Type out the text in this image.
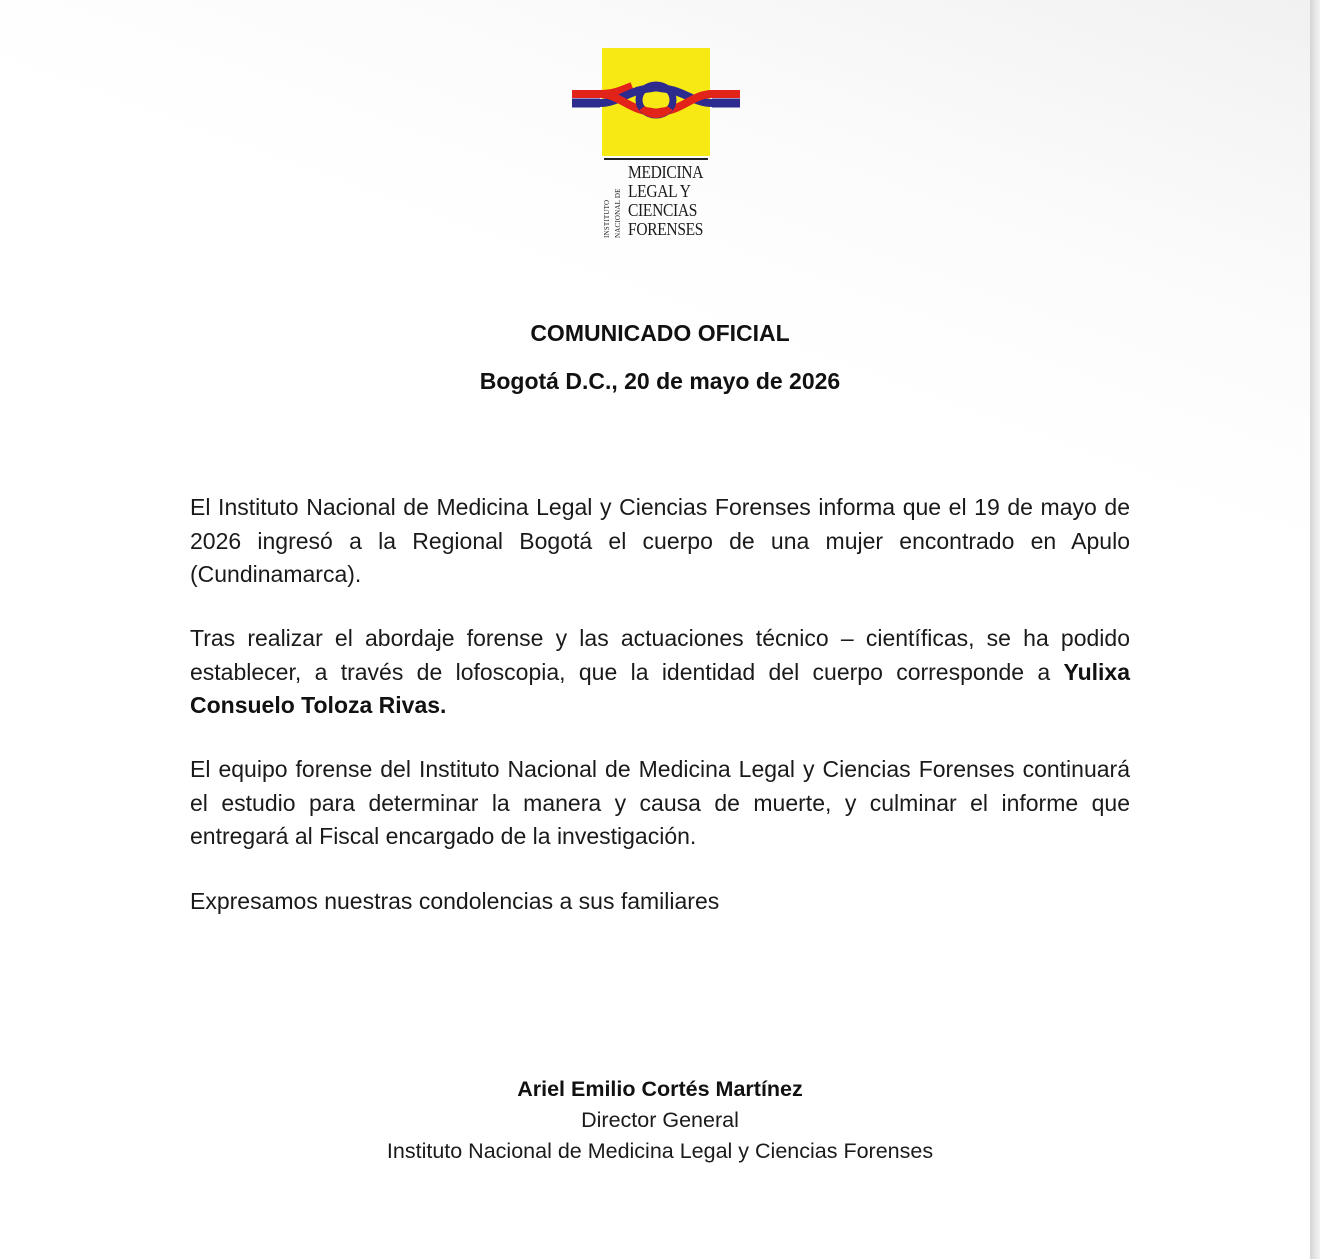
INSTITUTO NACIONAL DE
MEDICINA
LEGAL Y
CIENCIAS
FORENSES
COMUNICADO OFICIAL
Bogotá D.C., 20 de mayo de 2026
El Instituto Nacional de Medicina Legal y Ciencias Forenses informa que el 19 de mayo de 2026 ingresó a la Regional Bogotá el cuerpo de una mujer encontrado en Apulo (Cundinamarca).
Tras realizar el abordaje forense y las actuaciones técnico – científicas, se ha podido establecer, a través de lofoscopia, que la identidad del cuerpo corresponde a Yulixa Consuelo Toloza Rivas.
El equipo forense del Instituto Nacional de Medicina Legal y Ciencias Forenses continuará el estudio para determinar la manera y causa de muerte, y culminar el informe que entregará al Fiscal encargado de la investigación.
Expresamos nuestras condolencias a sus familiares
Ariel Emilio Cortés Martínez
Director General
Instituto Nacional de Medicina Legal y Ciencias Forenses
